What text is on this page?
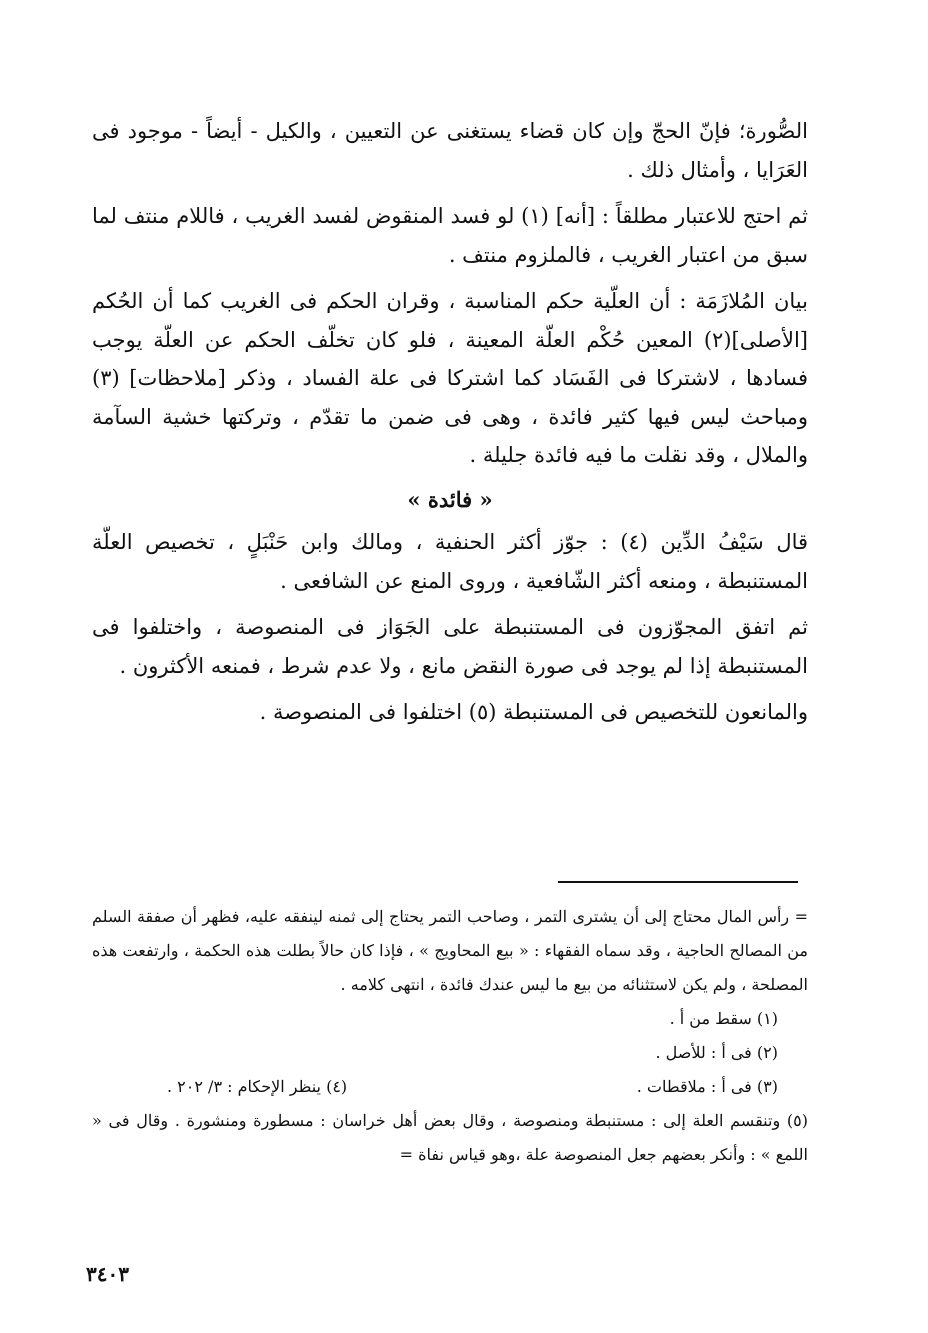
الصُّورة؛ فإنّ الحجّ وإن كان قضاء يستغنى عن التعيين ، والكيل - أيضاً - موجود فى العَرَايا ، وأمثال ذلك .

ثم احتج للاعتبار مطلقاً : [أنه] (١) لو فسد المنقوض لفسد الغريب ، فاللام منتف لما سبق من اعتبار الغريب ، فالملزوم منتف .

بيان المُلازَمَة : أن العلّية حكم المناسبة ، وقران الحكم فى الغريب كما أن الحُكم [الأصلى](٢) المعين حُكْم العلّة المعينة ، فلو كان تخلّف الحكم عن العلّة يوجب فسادها ، لاشتركا فى الفَسَاد كما اشتركا فى علة الفساد ، وذكر [ملاحظات] (٣) ومباحث ليس فيها كثير فائدة ، وهى فى ضمن ما تقدّم ، وتركتها خشية السآمة والملال ، وقد نقلت ما فيه فائدة جليلة .

« فائدة »

قال سَيْفُ الدِّين (٤) : جوّز أكثر الحنفية ، ومالك وابن حَنْبَلٍ ، تخصيص العلّة المستنبطة ، ومنعه أكثر الشّافعية ، وروى المنع عن الشافعى .

ثم اتفق المجوّزون فى المستنبطة على الجَوَاز فى المنصوصة ، واختلفوا فى المستنبطة إذا لم يوجد فى صورة النقض مانع ، ولا عدم شرط ، فمنعه الأكثرون .

والمانعون للتخصيص فى المستنبطة (٥) اختلفوا فى المنصوصة .

= رأس المال محتاج إلى أن يشترى التمر ، وصاحب التمر يحتاج إلى ثمنه لينفقه عليه، فظهر أن صفقة السلم من المصالح الحاجية ، وقد سماه الفقهاء : « بيع المحاويج » ، فإذا كان حالاً بطلت هذه الحكمة ، وارتفعت هذه المصلحة ، ولم يكن لاستثنائه من بيع ما ليس عندك فائدة ، انتهى كلامه .

(١) سقط من أ .

(٢) فى أ : للأصل .

(٣) فى أ : ملاقطات .
(٤) ينظر الإحكام : ٣/ ٢٠٢ .

(٥) وتنقسم العلة إلى : مستنبطة ومنصوصة ، وقال بعض أهل خراسان : مسطورة ومنشورة . وقال فى « اللمع » : وأنكر بعضهم جعل المنصوصة علة ،وهو قياس نفاة =

٣٤٠٣
